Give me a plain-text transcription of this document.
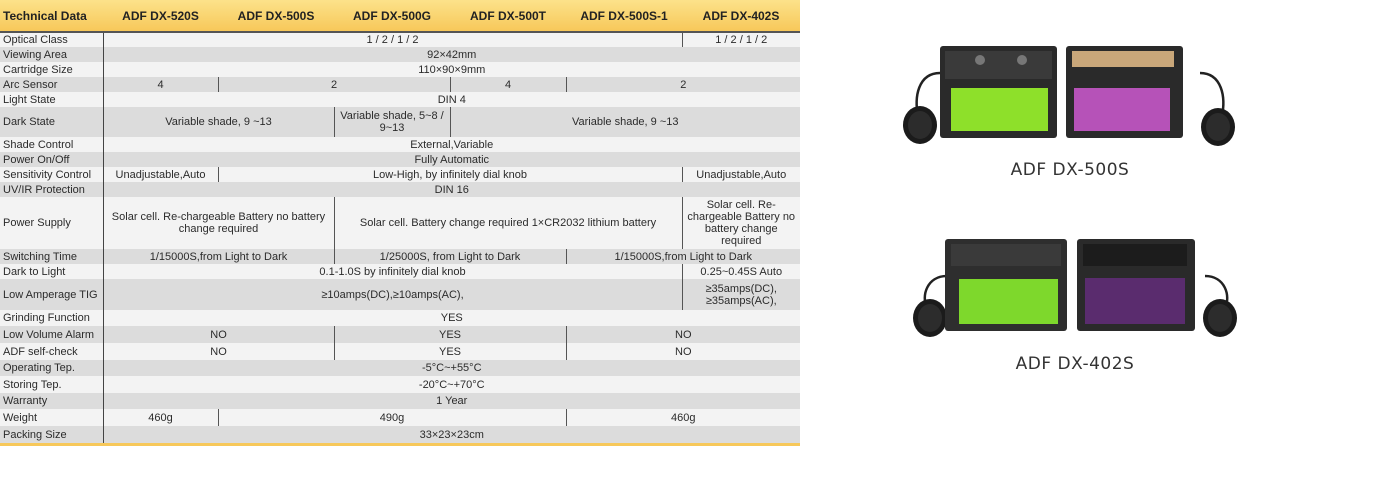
Technical Data	ADF DX-520S	ADF DX-500S	ADF DX-500G	ADF DX-500T	ADF DX-500S-1	ADF DX-402S
Optical Class	1 / 2 / 1 / 2					1 / 2 / 1 / 2
Viewing Area	92×42mm					
Cartridge Size	110×90×9mm					
Arc Sensor	4	2		4	2	
Light State	DIN 4					
Dark State	Variable shade, 9 ~13		Variable shade, 5~8 / 9~13	Variable shade, 9 ~13		
Shade Control	External,Variable					
Power On/Off	Fully Automatic					
Sensitivity Control	Unadjustable,Auto	Low-High, by infinitely dial knob				Unadjustable,Auto
UV/IR Protection	DIN 16					
Power Supply	Solar cell. Re-chargeable Battery no battery change required		Solar cell. Battery change required 1×CR2032 lithium battery			Solar cell. Re-chargeable Battery no battery change required
Switching Time	1/15000S,from Light to Dark		1/25000S, from Light to Dark		1/15000S,from Light to Dark	
Dark to Light	0.1-1.0S by infinitely dial knob					0.25~0.45S Auto
Low Amperage TIG	≥10amps(DC),≥10amps(AC),					≥35amps(DC), ≥35amps(AC),
Grinding Function	YES					
Low Volume Alarm	NO		YES		NO	
ADF self-check	NO		YES		NO	
Operating Tep.	-5°C~+55°C					
Storing Tep.	-20°C~+70°C					
Warranty	1 Year					
Weight	460g	490g			460g	
Packing Size	33×23×23cm					

ADF DX-500S
ADF DX-402S
